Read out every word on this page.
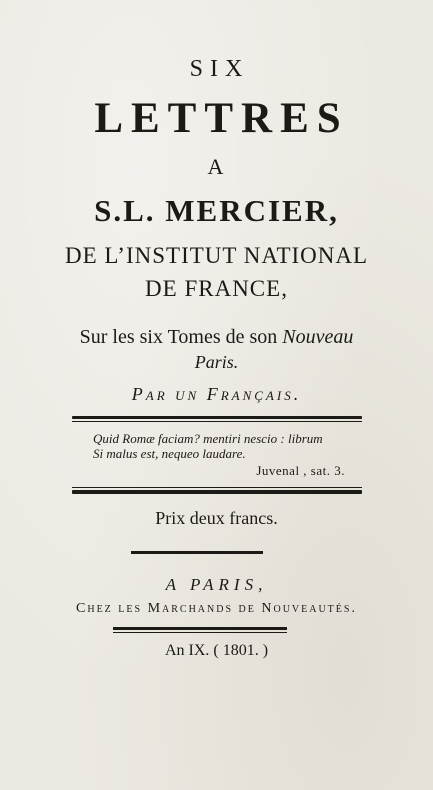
SIX

LETTRES

A

S.L. MERCIER,

DE L’INSTITUT NATIONAL

DE FRANCE,

Sur les six Tomes de son Nouveau

Paris.

Par un Français.

Quid Romæ faciam? mentiri nescio : librum

Si malus est, nequeo laudare.

Juvenal , sat. 3.

Prix deux francs.

A PARIS,

Chez les Marchands de Nouveautés.

An IX. ( 1801. )
